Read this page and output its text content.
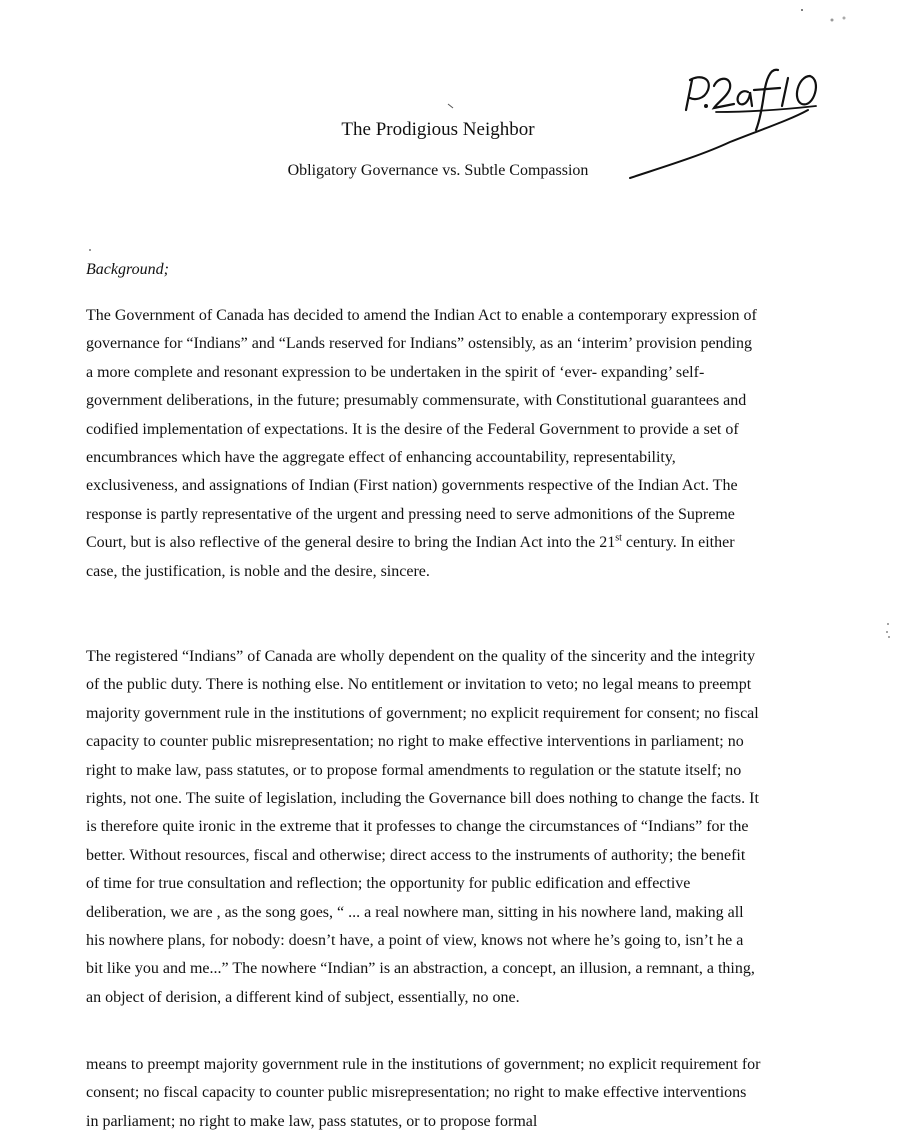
The Prodigious Neighbor
Obligatory Governance vs. Subtle Compassion
Background;

The Government of Canada has decided to amend the Indian Act to enable a contemporary expression of governance for “Indians” and “Lands reserved for Indians” ostensibly, as an ‘interim’ provision pending a more complete and resonant expression to be undertaken in the spirit of ‘ever- expanding’ self-government deliberations, in the future; presumably commensurate, with Constitutional guarantees and codified implementation of expectations. It is the desire of the Federal Government to provide a set of encumbrances which have the aggregate effect of enhancing accountability, representability, exclusiveness, and assignations of Indian (First nation) governments respective of the Indian Act. The response is partly representative of the urgent and pressing need to serve admonitions of the Supreme Court, but is also reflective of the general desire to bring the Indian Act into the 21st century. In either case, the justification, is noble and the desire, sincere.

The registered “Indians” of Canada are wholly dependent on the quality of the sincerity and the integrity of the public duty. There is nothing else. No entitlement or invitation to veto; no legal means to preempt majority government rule in the institutions of government; no explicit requirement for consent; no fiscal capacity to counter public misrepresentation; no right to make effective interventions in parliament; no right to make law, pass statutes, or to propose formal amendments to regulation or the statute itself; no rights, not one. The suite of legislation, including the Governance bill does nothing to change the facts. It is therefore quite ironic in the extreme that it professes to change the circumstances of “Indians” for the better. Without resources, fiscal and otherwise; direct access to the instruments of authority; the benefit of time for true consultation and reflection; the opportunity for public edification and effective deliberation, we are , as the song goes, “ ... a real nowhere man, sitting in his nowhere land, making all his nowhere plans, for nobody: doesn’t have, a point of view, knows not where he’s going to, isn’t he a bit like you and me...” The nowhere “Indian” is an abstraction, a concept, an illusion, a remnant, a thing, an object of derision, a different kind of subject, essentially, no one.

means to preempt majority government rule in the institutions of government; no explicit requirement for consent; no fiscal capacity to counter public misrepresentation; no right to make effective interventions in parliament; no right to make law, pass statutes, or to propose formal
